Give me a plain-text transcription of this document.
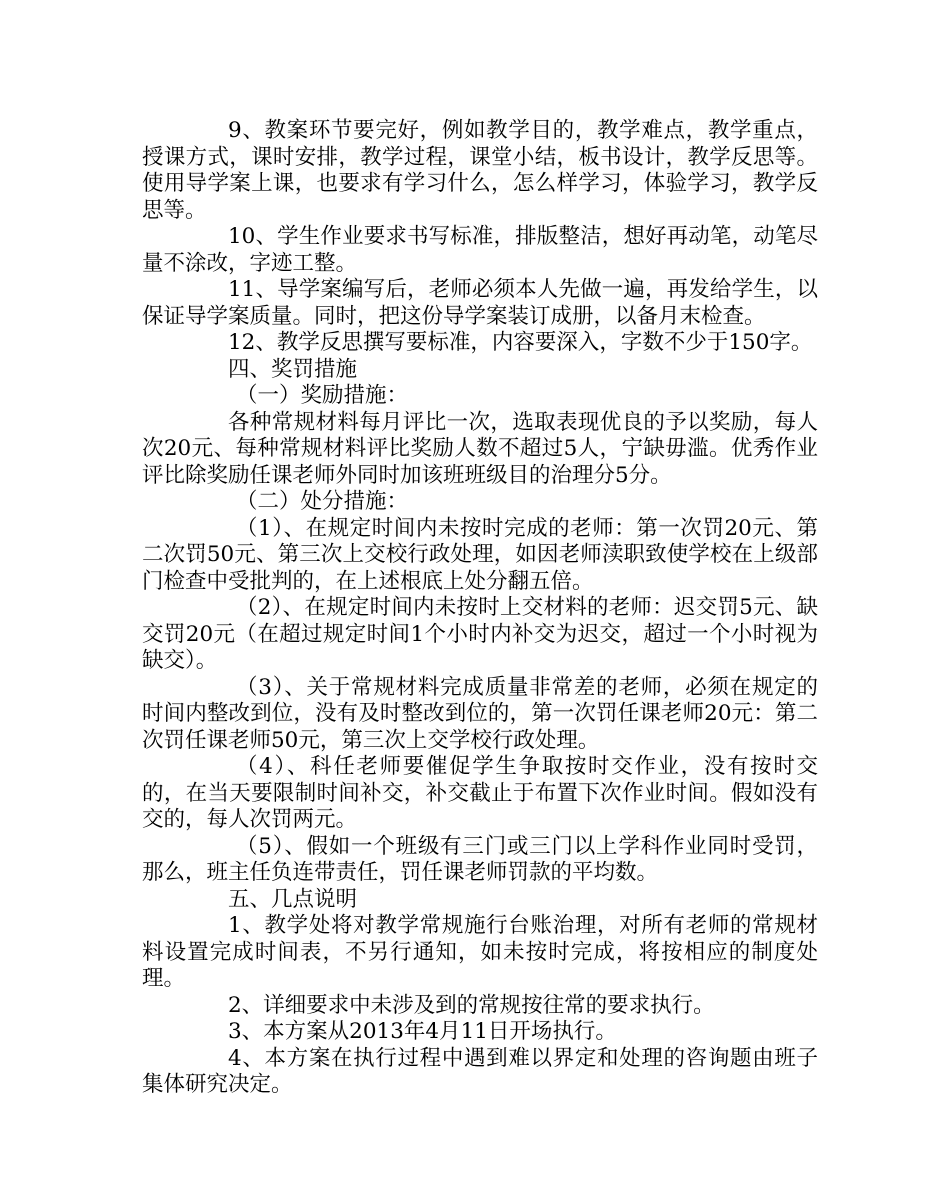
9、教案环节要完好，例如教学目的，教学难点，教学重点，授课方式，课时安排，教学过程，课堂小结，板书设计，教学反思等。使用导学案上课，也要求有学习什么，怎么样学习，体验学习，教学反思等。

10、学生作业要求书写标准，排版整洁，想好再动笔，动笔尽量不涂改，字迹工整。

11、导学案编写后，老师必须本人先做一遍，再发给学生，以保证导学案质量。同时，把这份导学案装订成册，以备月末检查。

12、教学反思撰写要标准，内容要深入，字数不少于150字。

四、奖罚措施

（一）奖励措施：

各种常规材料每月评比一次，选取表现优良的予以奖励，每人次20元、每种常规材料评比奖励人数不超过5人，宁缺毋滥。优秀作业评比除奖励任课老师外同时加该班班级目的治理分5分。

（二）处分措施：

（1）、在规定时间内未按时完成的老师：第一次罚20元、第二次罚50元、第三次上交校行政处理，如因老师渎职致使学校在上级部门检查中受批判的，在上述根底上处分翻五倍。

（2）、在规定时间内未按时上交材料的老师：迟交罚5元、缺交罚20元（在超过规定时间1个小时内补交为迟交，超过一个小时视为缺交）。

（3）、关于常规材料完成质量非常差的老师，必须在规定的时间内整改到位，没有及时整改到位的，第一次罚任课老师20元：第二次罚任课老师50元，第三次上交学校行政处理。

（4）、科任老师要催促学生争取按时交作业，没有按时交的，在当天要限制时间补交，补交截止于布置下次作业时间。假如没有交的，每人次罚两元。

（5）、假如一个班级有三门或三门以上学科作业同时受罚，那么，班主任负连带责任，罚任课老师罚款的平均数。

五、几点说明

1、教学处将对教学常规施行台账治理，对所有老师的常规材料设置完成时间表，不另行通知，如未按时完成，将按相应的制度处理。

2、详细要求中未涉及到的常规按往常的要求执行。

3、本方案从2013年4月11日开场执行。

4、本方案在执行过程中遇到难以界定和处理的咨询题由班子集体研究决定。
